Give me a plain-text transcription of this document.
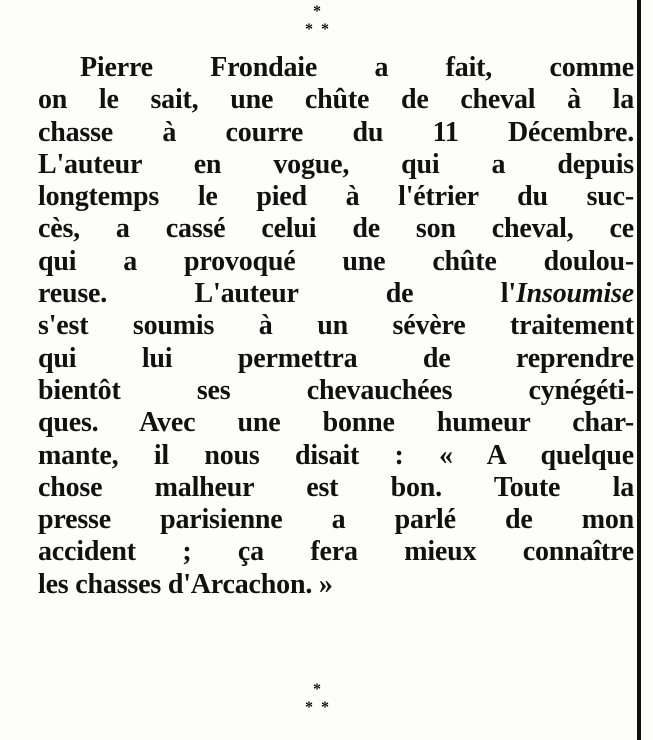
*
* *
Pierre Frondaie a fait, comme
on le sait, une chûte de cheval à la
chasse à courre du 11 Décembre.
L'auteur en vogue, qui a depuis
longtemps le pied à l'étrier du suc-
cès, a cassé celui de son cheval, ce
qui a provoqué une chûte doulou-
reuse. L'auteur de l'Insoumise
s'est soumis à un sévère traitement
qui lui permettra de reprendre
bientôt ses chevauchées cynégéti-
ques. Avec une bonne humeur char-
mante, il nous disait : « A quelque
chose malheur est bon. Toute la
presse parisienne a parlé de mon
accident ; ça fera mieux connaître
les chasses d'Arcachon. »
*
* *
